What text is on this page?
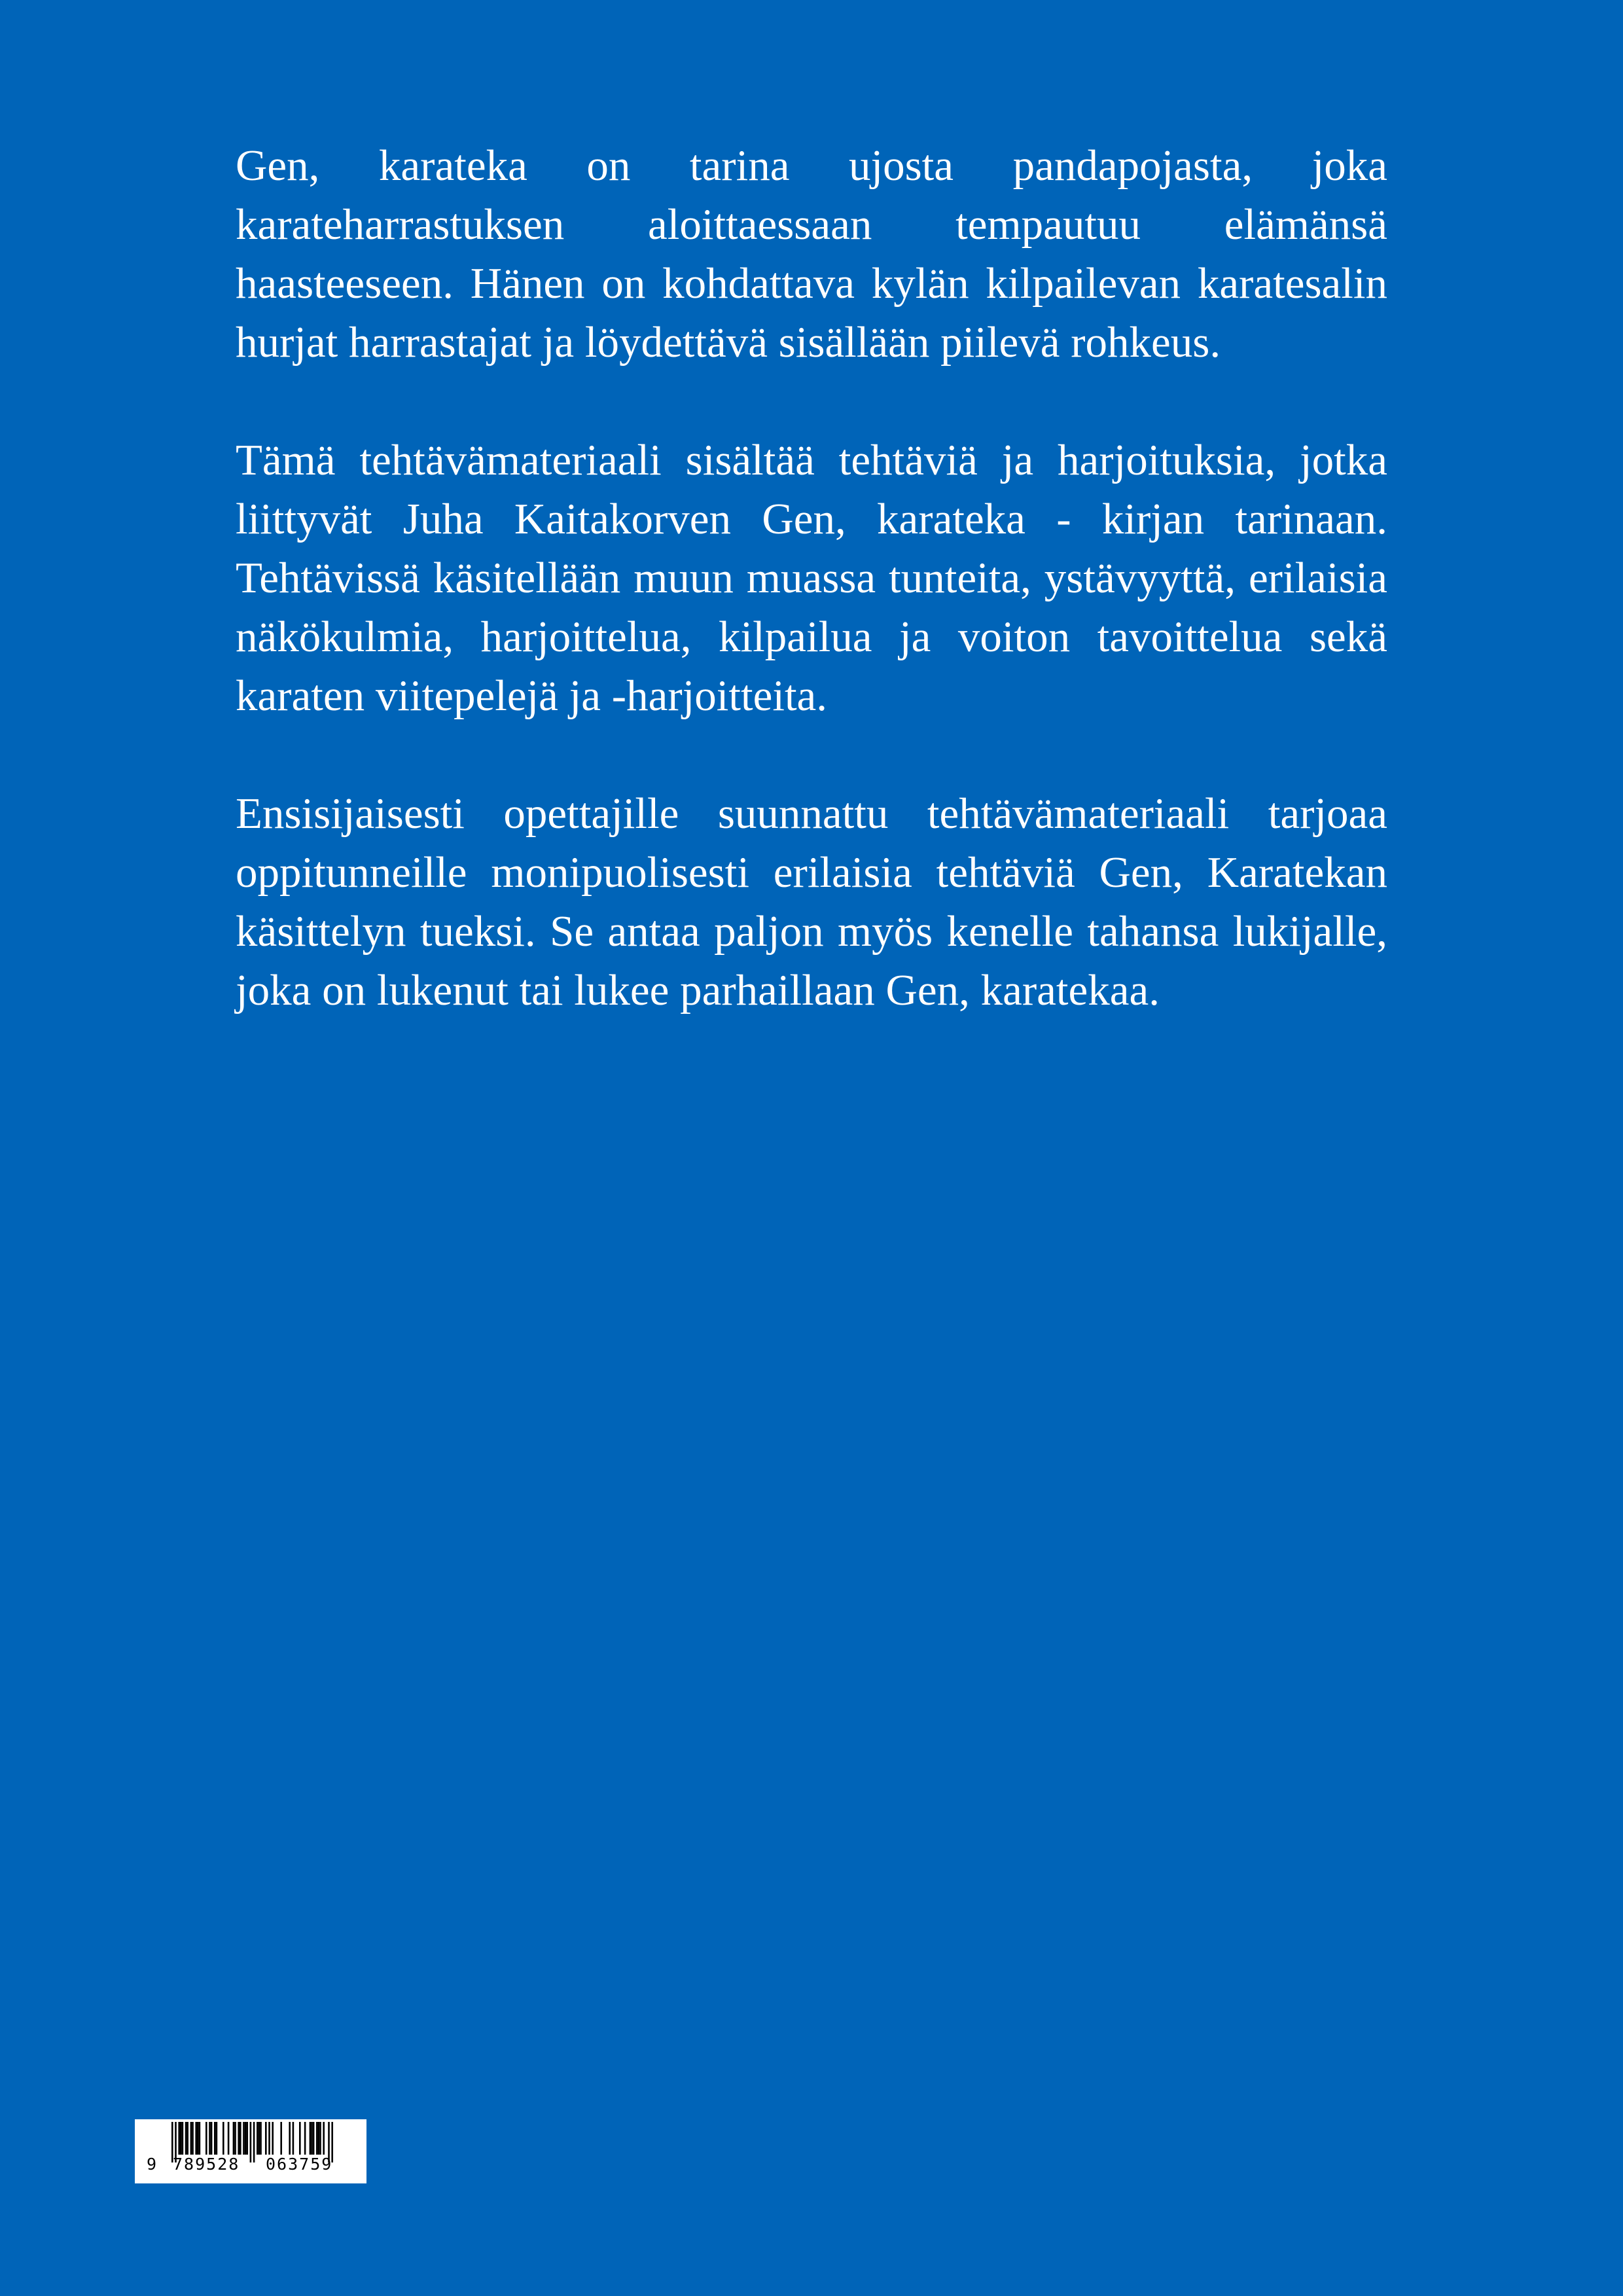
Gen, karateka on tarina ujosta pandapojasta, joka karateharrastuksen aloittaessaan tempautuu elämänsä haasteeseen. Hänen on kohdattava kylän kilpailevan karatesalin hurjat harrastajat ja löydettävä sisällään piilevä rohkeus.

Tämä tehtävämateriaali sisältää tehtäviä ja harjoituksia, jotka liittyvät Juha Kaitakorven Gen, karateka - kirjan tarinaan. Tehtävissä käsitellään muun muassa tunteita, ystävyyttä, erilaisia näkökulmia, harjoittelua, kilpailua ja voiton tavoittelua sekä karaten viitepelejä ja -harjoitteita.

Ensisijaisesti opettajille suunnattu tehtävämateriaali tarjoaa oppitunneille monipuolisesti erilaisia tehtäviä Gen, Karatekan käsittelyn tueksi. Se antaa paljon myös kenelle tahansa lukijalle, joka on lukenut tai lukee parhaillaan Gen, karatekaa.

9 789528 063759
